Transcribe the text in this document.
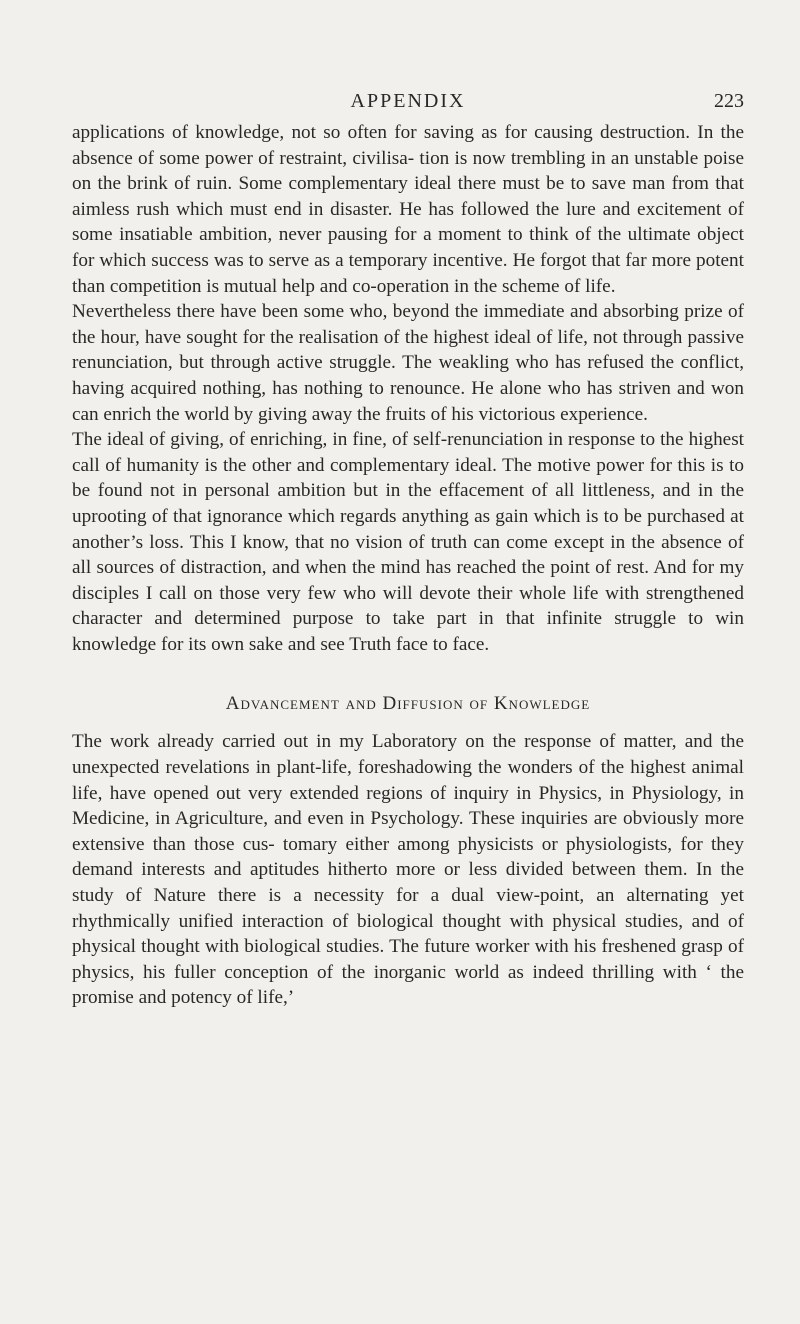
APPENDIX	223

applications of knowledge, not so often for saving as for causing destruction. In the absence of some power of restraint, civilisa- tion is now trembling in an unstable poise on the brink of ruin. Some complementary ideal there must be to save man from that aimless rush which must end in disaster. He has followed the lure and excitement of some insatiable ambition, never pausing for a moment to think of the ultimate object for which success was to serve as a temporary incentive. He forgot that far more potent than competition is mutual help and co-operation in the scheme of life.

Nevertheless there have been some who, beyond the immediate and absorbing prize of the hour, have sought for the realisation of the highest ideal of life, not through passive renunciation, but through active struggle. The weakling who has refused the conflict, having acquired nothing, has nothing to renounce. He alone who has striven and won can enrich the world by giving away the fruits of his victorious experience.

The ideal of giving, of enriching, in fine, of self-renunciation in response to the highest call of humanity is the other and complementary ideal. The motive power for this is to be found not in personal ambition but in the effacement of all littleness, and in the uprooting of that ignorance which regards anything as gain which is to be purchased at another’s loss. This I know, that no vision of truth can come except in the absence of all sources of distraction, and when the mind has reached the point of rest. And for my disciples I call on those very few who will devote their whole life with strengthened character and determined purpose to take part in that infinite struggle to win knowledge for its own sake and see Truth face to face.

Advancement and Diffusion of Knowledge

The work already carried out in my Laboratory on the response of matter, and the unexpected revelations in plant-life, foreshadowing the wonders of the highest animal life, have opened out very extended regions of inquiry in Physics, in Physiology, in Medicine, in Agriculture, and even in Psychology. These inquiries are obviously more extensive than those cus- tomary either among physicists or physiologists, for they demand interests and aptitudes hitherto more or less divided between them. In the study of Nature there is a necessity for a dual view-point, an alternating yet rhythmically unified interaction of biological thought with physical studies, and of physical thought with biological studies. The future worker with his freshened grasp of physics, his fuller conception of the inorganic world as indeed thrilling with ‘ the promise and potency of life,’
